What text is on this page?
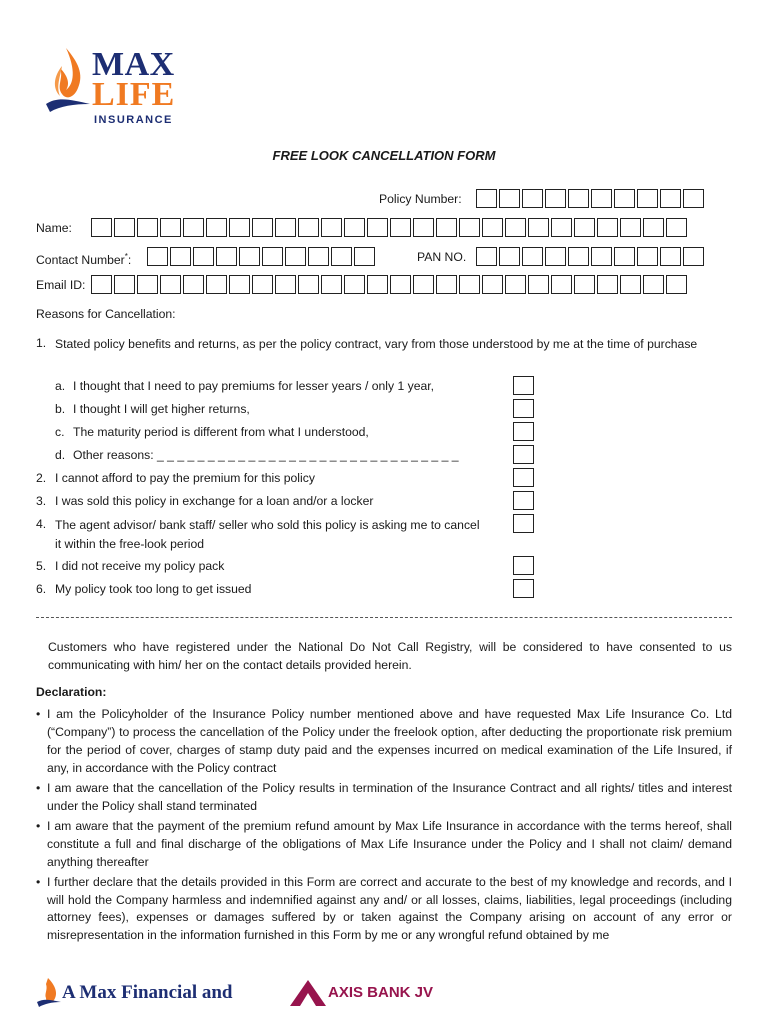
MAX
LIFE
INSURANCE
FREE LOOK CANCELLATION FORM
Policy Number:
Name:
Contact Number*:	PAN NO.
Email ID:
Reasons for Cancellation:
1. Stated policy benefits and returns, as per the policy contract, vary from those understood by me at the time of purchase
a. I thought that I need to pay premiums for lesser years / only 1 year,
b. I thought I will get higher returns,
c. The maturity period is different from what I understood,
d. Other reasons: _ _ _ _ _ _ _ _ _ _ _ _ _ _ _ _ _ _ _ _ _ _ _ _ _ _ _ _ _ _
2. I cannot afford to pay the premium for this policy
3. I was sold this policy in exchange for a loan and/or a locker
4. The agent advisor/ bank staff/ seller who sold this policy is asking me to cancel it within the free-look period
5. I did not receive my policy pack
6. My policy took too long to get issued
Customers who have registered under the National Do Not Call Registry, will be considered to have consented to us communicating with him/ her on the contact details provided herein.
Declaration:
• I am the Policyholder of the Insurance Policy number mentioned above and have requested Max Life Insurance Co. Ltd (“Company”) to process the cancellation of the Policy under the freelook option, after deducting the proportionate risk premium for the period of cover, charges of stamp duty paid and the expenses incurred on medical examination of the Life Insured, if any, in accordance with the Policy contract
• I am aware that the cancellation of the Policy results in termination of the Insurance Contract and all rights/ titles and interest under the Policy shall stand terminated
• I am aware that the payment of the premium refund amount by Max Life Insurance in accordance with the terms hereof, shall constitute a full and final discharge of the obligations of Max Life Insurance under the Policy and I shall not claim/ demand anything thereafter
• I further declare that the details provided in this Form are correct and accurate to the best of my knowledge and records, and I will hold the Company harmless and indemnified against any and/ or all losses, claims, liabilities, legal proceedings (including attorney fees), expenses or damages suffered by or taken against the Company arising on account of any error or misrepresentation in the information furnished in this Form by me or any wrongful refund obtained by me
A Max Financial and	AXIS BANK JV
